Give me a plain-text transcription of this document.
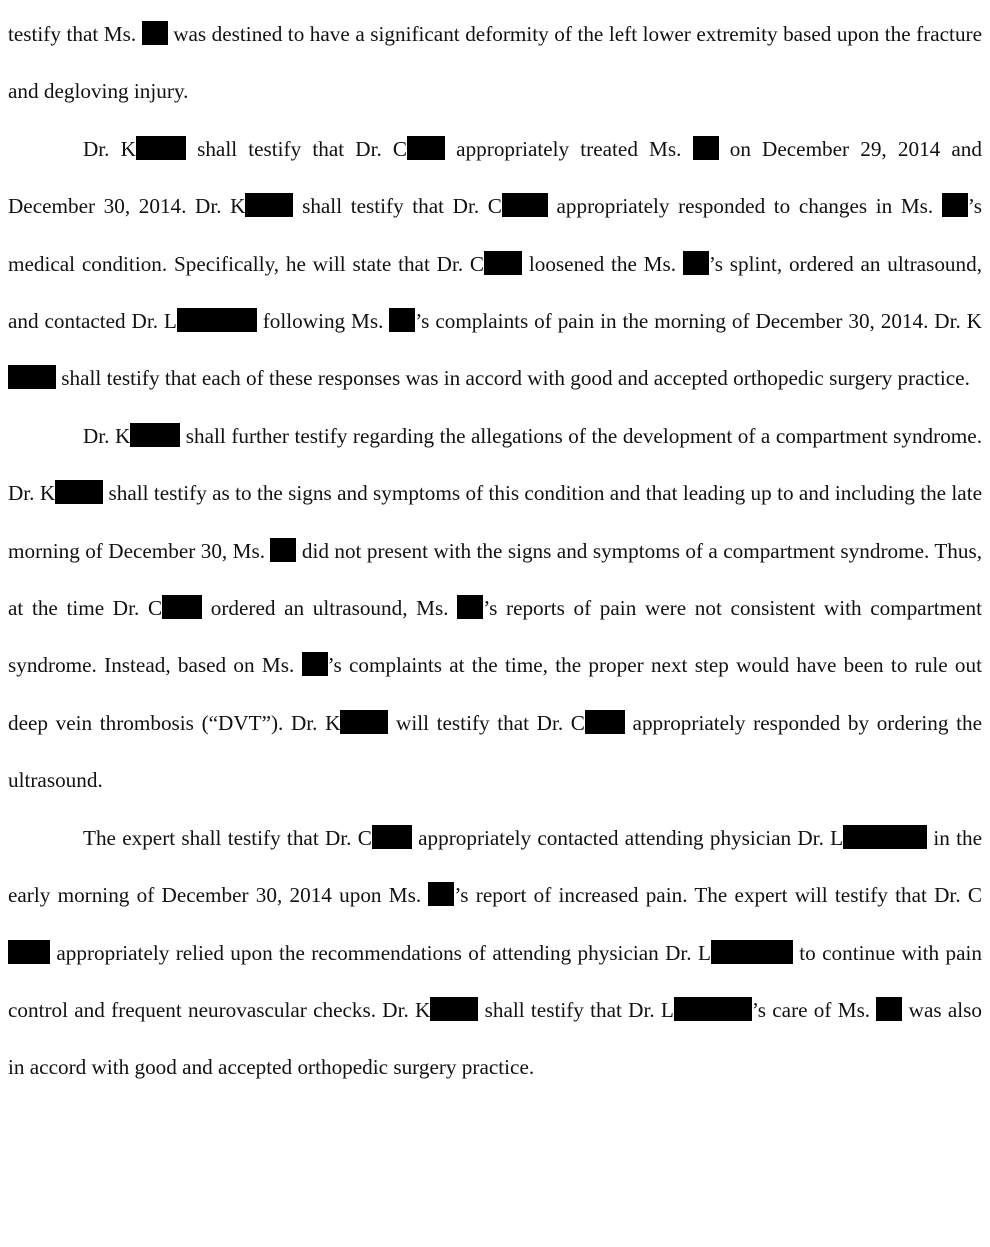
testify that Ms.  was destined to have a significant deformity of the left lower extremity based upon the fracture and degloving injury.

Dr. K shall testify that Dr. C appropriately treated Ms.  on December 29, 2014 and December 30, 2014. Dr. K shall testify that Dr. C appropriately responded to changes in Ms. ’s medical condition. Specifically, he will state that Dr. C loosened the Ms. ’s splint, ordered an ultrasound, and contacted Dr. L	following Ms. ’s complaints of pain in the morning of December 30, 2014. Dr. K shall testify that each of these responses was in accord with good and accepted orthopedic surgery practice.

Dr. K shall further testify regarding the allegations of the development of a compartment syndrome. Dr. K shall testify as to the signs and symptoms of this condition and that leading up to and including the late morning of December 30, Ms.  did not present with the signs and symptoms of a compartment syndrome. Thus, at the time Dr. C ordered an ultrasound, Ms. ’s reports of pain were not consistent with compartment syndrome. Instead, based on Ms. ’s complaints at the time, the proper next step would have been to rule out deep vein thrombosis (“DVT”). Dr. K will testify that Dr. C appropriately responded by ordering the ultrasound.

The expert shall testify that Dr. C appropriately contacted attending physician Dr. L	in the early morning of December 30, 2014 upon Ms. ’s report of increased pain. The expert will testify that Dr. C appropriately relied upon the recommendations of attending physician Dr. L	to continue with pain control and frequent neurovascular checks. Dr. K shall testify that Dr. L	’s care of Ms.  was also in accord with good and accepted orthopedic surgery practice.
